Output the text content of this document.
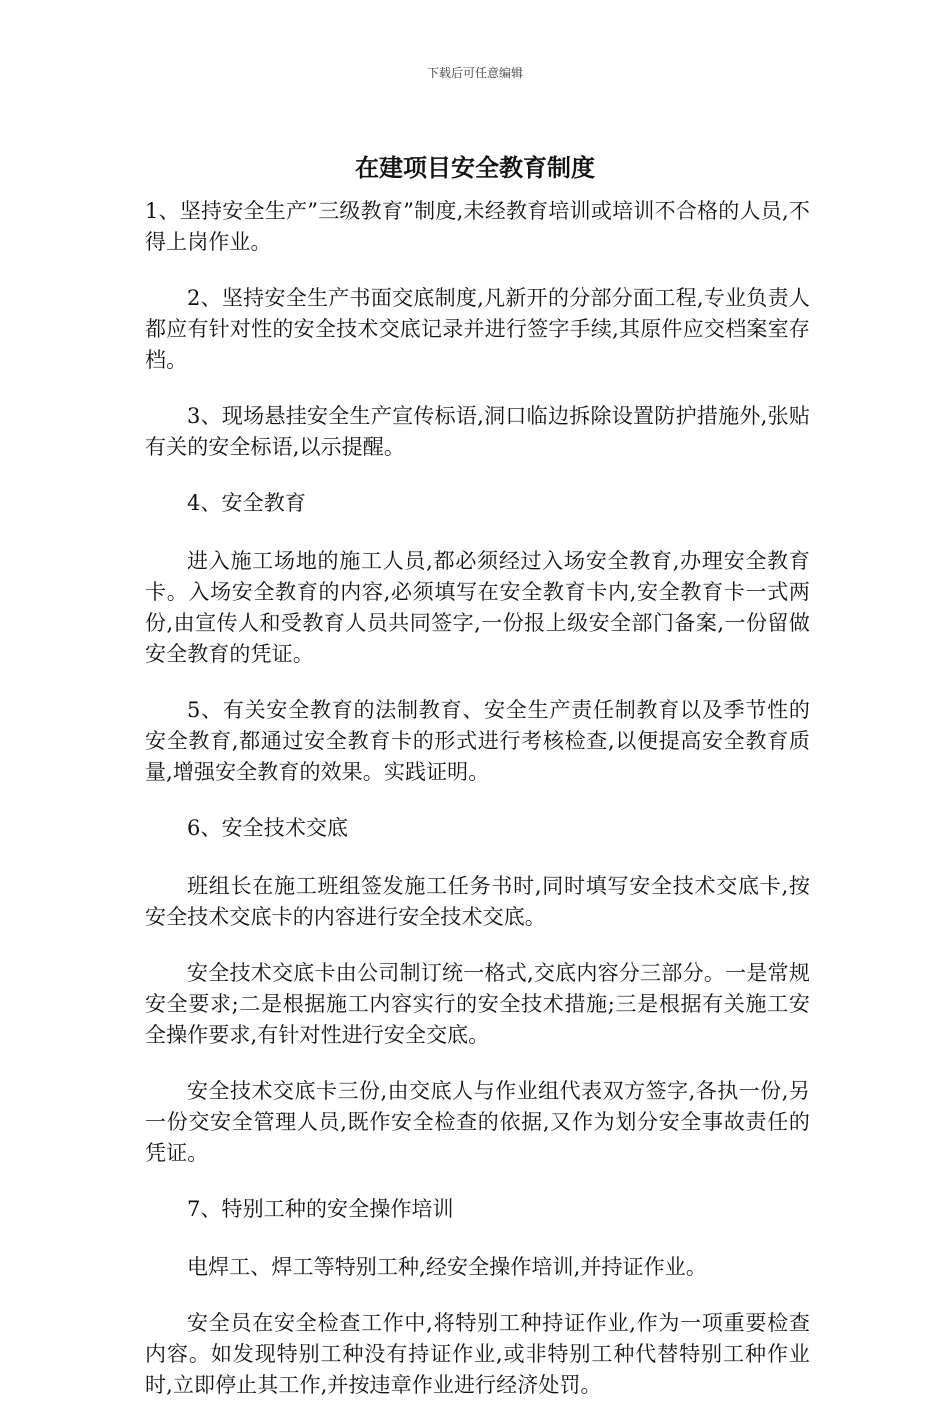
下载后可任意编辑
在建项目安全教育制度

1、坚持安全生产”三级教育”制度,未经教育培训或培训不合格的人员,不得上岗作业。

2、坚持安全生产书面交底制度,凡新开的分部分面工程,专业负责人都应有针对性的安全技术交底记录并进行签字手续,其原件应交档案室存档。

3、现场悬挂安全生产宣传标语,洞口临边拆除设置防护措施外,张贴有关的安全标语,以示提醒。

4、安全教育

进入施工场地的施工人员,都必须经过入场安全教育,办理安全教育卡。入场安全教育的内容,必须填写在安全教育卡内,安全教育卡一式两份,由宣传人和受教育人员共同签字,一份报上级安全部门备案,一份留做安全教育的凭证。

5、有关安全教育的法制教育、安全生产责任制教育以及季节性的安全教育,都通过安全教育卡的形式进行考核检查,以便提高安全教育质量,增强安全教育的效果。实践证明。

6、安全技术交底

班组长在施工班组签发施工任务书时,同时填写安全技术交底卡,按安全技术交底卡的内容进行安全技术交底。

安全技术交底卡由公司制订统一格式,交底内容分三部分。一是常规安全要求;二是根据施工内容实行的安全技术措施;三是根据有关施工安全操作要求,有针对性进行安全交底。

安全技术交底卡三份,由交底人与作业组代表双方签字,各执一份,另一份交安全管理人员,既作安全检查的依据,又作为划分安全事故责任的凭证。

7、特别工种的安全操作培训

电焊工、焊工等特别工种,经安全操作培训,并持证作业。

安全员在安全检查工作中,将特别工种持证作业,作为一项重要检查内容。如发现特别工种没有持证作业,或非特别工种代替特别工种作业时,立即停止其工作,并按违章作业进行经济处罚。
